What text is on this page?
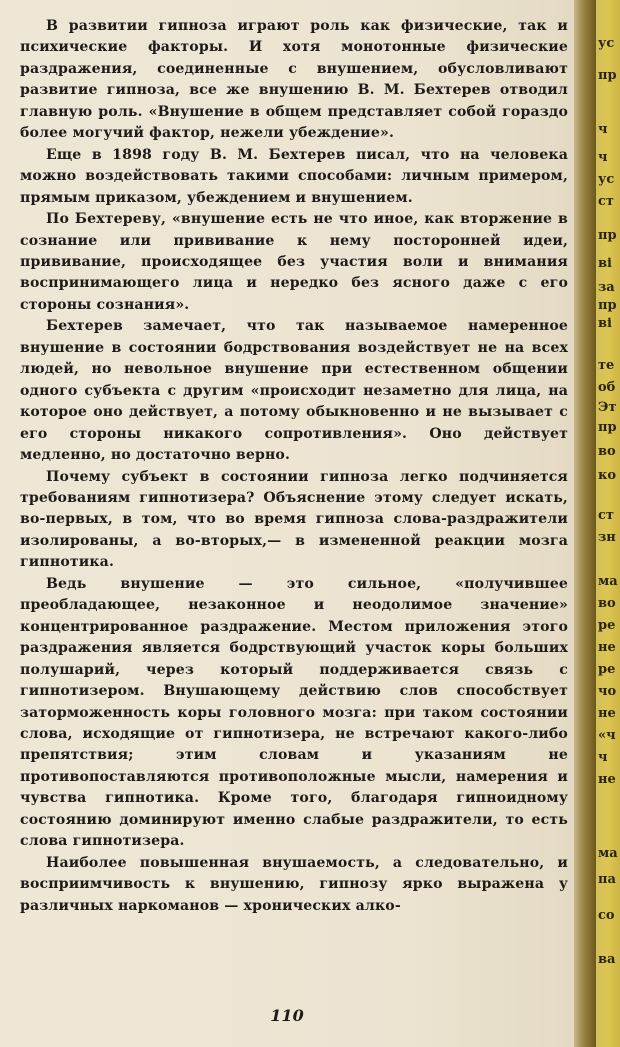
В развитии гипноза играют роль как физические, так и психические факторы. И хотя монотонные физические раздражения, соединенные с внушением, обусловливают развитие гипноза, все же внушению В. М. Бехтерев отводил главную роль. «Внушение в общем представляет собой гораздо более могучий фактор, нежели убеждение».

Еще в 1898 году В. М. Бехтерев писал, что на человека можно воздействовать такими способами: личным примером, прямым приказом, убеждением и внушением.

По Бехтереву, «внушение есть не что иное, как вторжение в сознание или прививание к нему посторонней идеи, прививание, происходящее без участия воли и внимания воспринимающего лица и нередко без ясного даже с его стороны сознания».

Бехтерев замечает, что так называемое намеренное внушение в состоянии бодрствования воздействует не на всех людей, но невольное внушение при естественном общении одного субъекта с другим «происходит незаметно для лица, на которое оно действует, а потому обыкновенно и не вызывает с его стороны никакого сопротивления». Оно действует медленно, но достаточно верно.

Почему субъект в состоянии гипноза легко подчиняется требованиям гипнотизера? Объяснение этому следует искать, во-первых, в том, что во время гипноза слова-раздражители изолированы, а во-вторых,— в измененной реакции мозга гипнотика.

Ведь внушение — это сильное, «получившее преобладающее, незаконное и неодолимое значение» концентрированное раздражение. Местом приложения этого раздражения является бодрствующий участок коры больших полушарий, через который поддерживается связь с гипнотизером. Внушающему действию слов способствует заторможенность коры головного мозга: при таком состоянии слова, исходящие от гипнотизера, не встречают какого-либо препятствия; этим словам и указаниям не противопоставляются противоположные мысли, намерения и чувства гипнотика. Кроме того, благодаря гипноидному состоянию доминируют именно слабые раздражители, то есть слова гипнотизера.

Наиболее повышенная внушаемость, а следовательно, и восприимчивость к внушению, гипнозу ярко выражена у различных наркоманов — хронических алко-

110
ус
пр
ч
ч
ус
ст
пр
ві
за
пр
ві
те
об
Эт
пр
во
ко
ст
зн
ма
во
ре
не
ре
чо
не
«ч
ч
не
ма
па
со
ва
